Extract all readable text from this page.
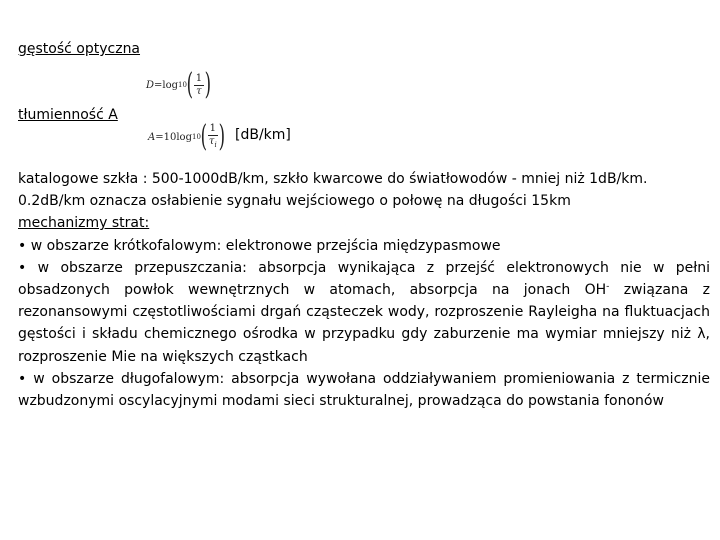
gęstość optyczna
D = log 10 ( $\frac{1}{\tau}$ )
tłumienność A
A = 10 log 10 ( $\frac{1}{\tau_i}$ ) [dB/km]

katalogowe szkła : 500-1000dB/km, szkło kwarcowe do światłowodów - mniej niż 1dB/km.

0.2dB/km oznacza osłabienie sygnału wejściowego o połowę na długości 15km

mechanizmy strat:

• w obszarze krótkofalowym: elektronowe przejścia międzypasmowe

• w obszarze przepuszczania: absorpcja wynikająca z przejść elektronowych nie w pełni obsadzonych powłok wewnętrznych w atomach, absorpcja na jonach OH- związana z rezonansowymi częstotliwościami drgań cząsteczek wody, rozproszenie Rayleigha na fluktuacjach gęstości i składu chemicznego ośrodka w przypadku gdy zaburzenie ma wymiar mniejszy niż λ, rozproszenie Mie na większych cząstkach

• w obszarze długofalowym: absorpcja wywołana oddziaływaniem promieniowania z termicznie wzbudzonymi oscylacyjnymi modami sieci strukturalnej, prowadząca do powstania fononów
